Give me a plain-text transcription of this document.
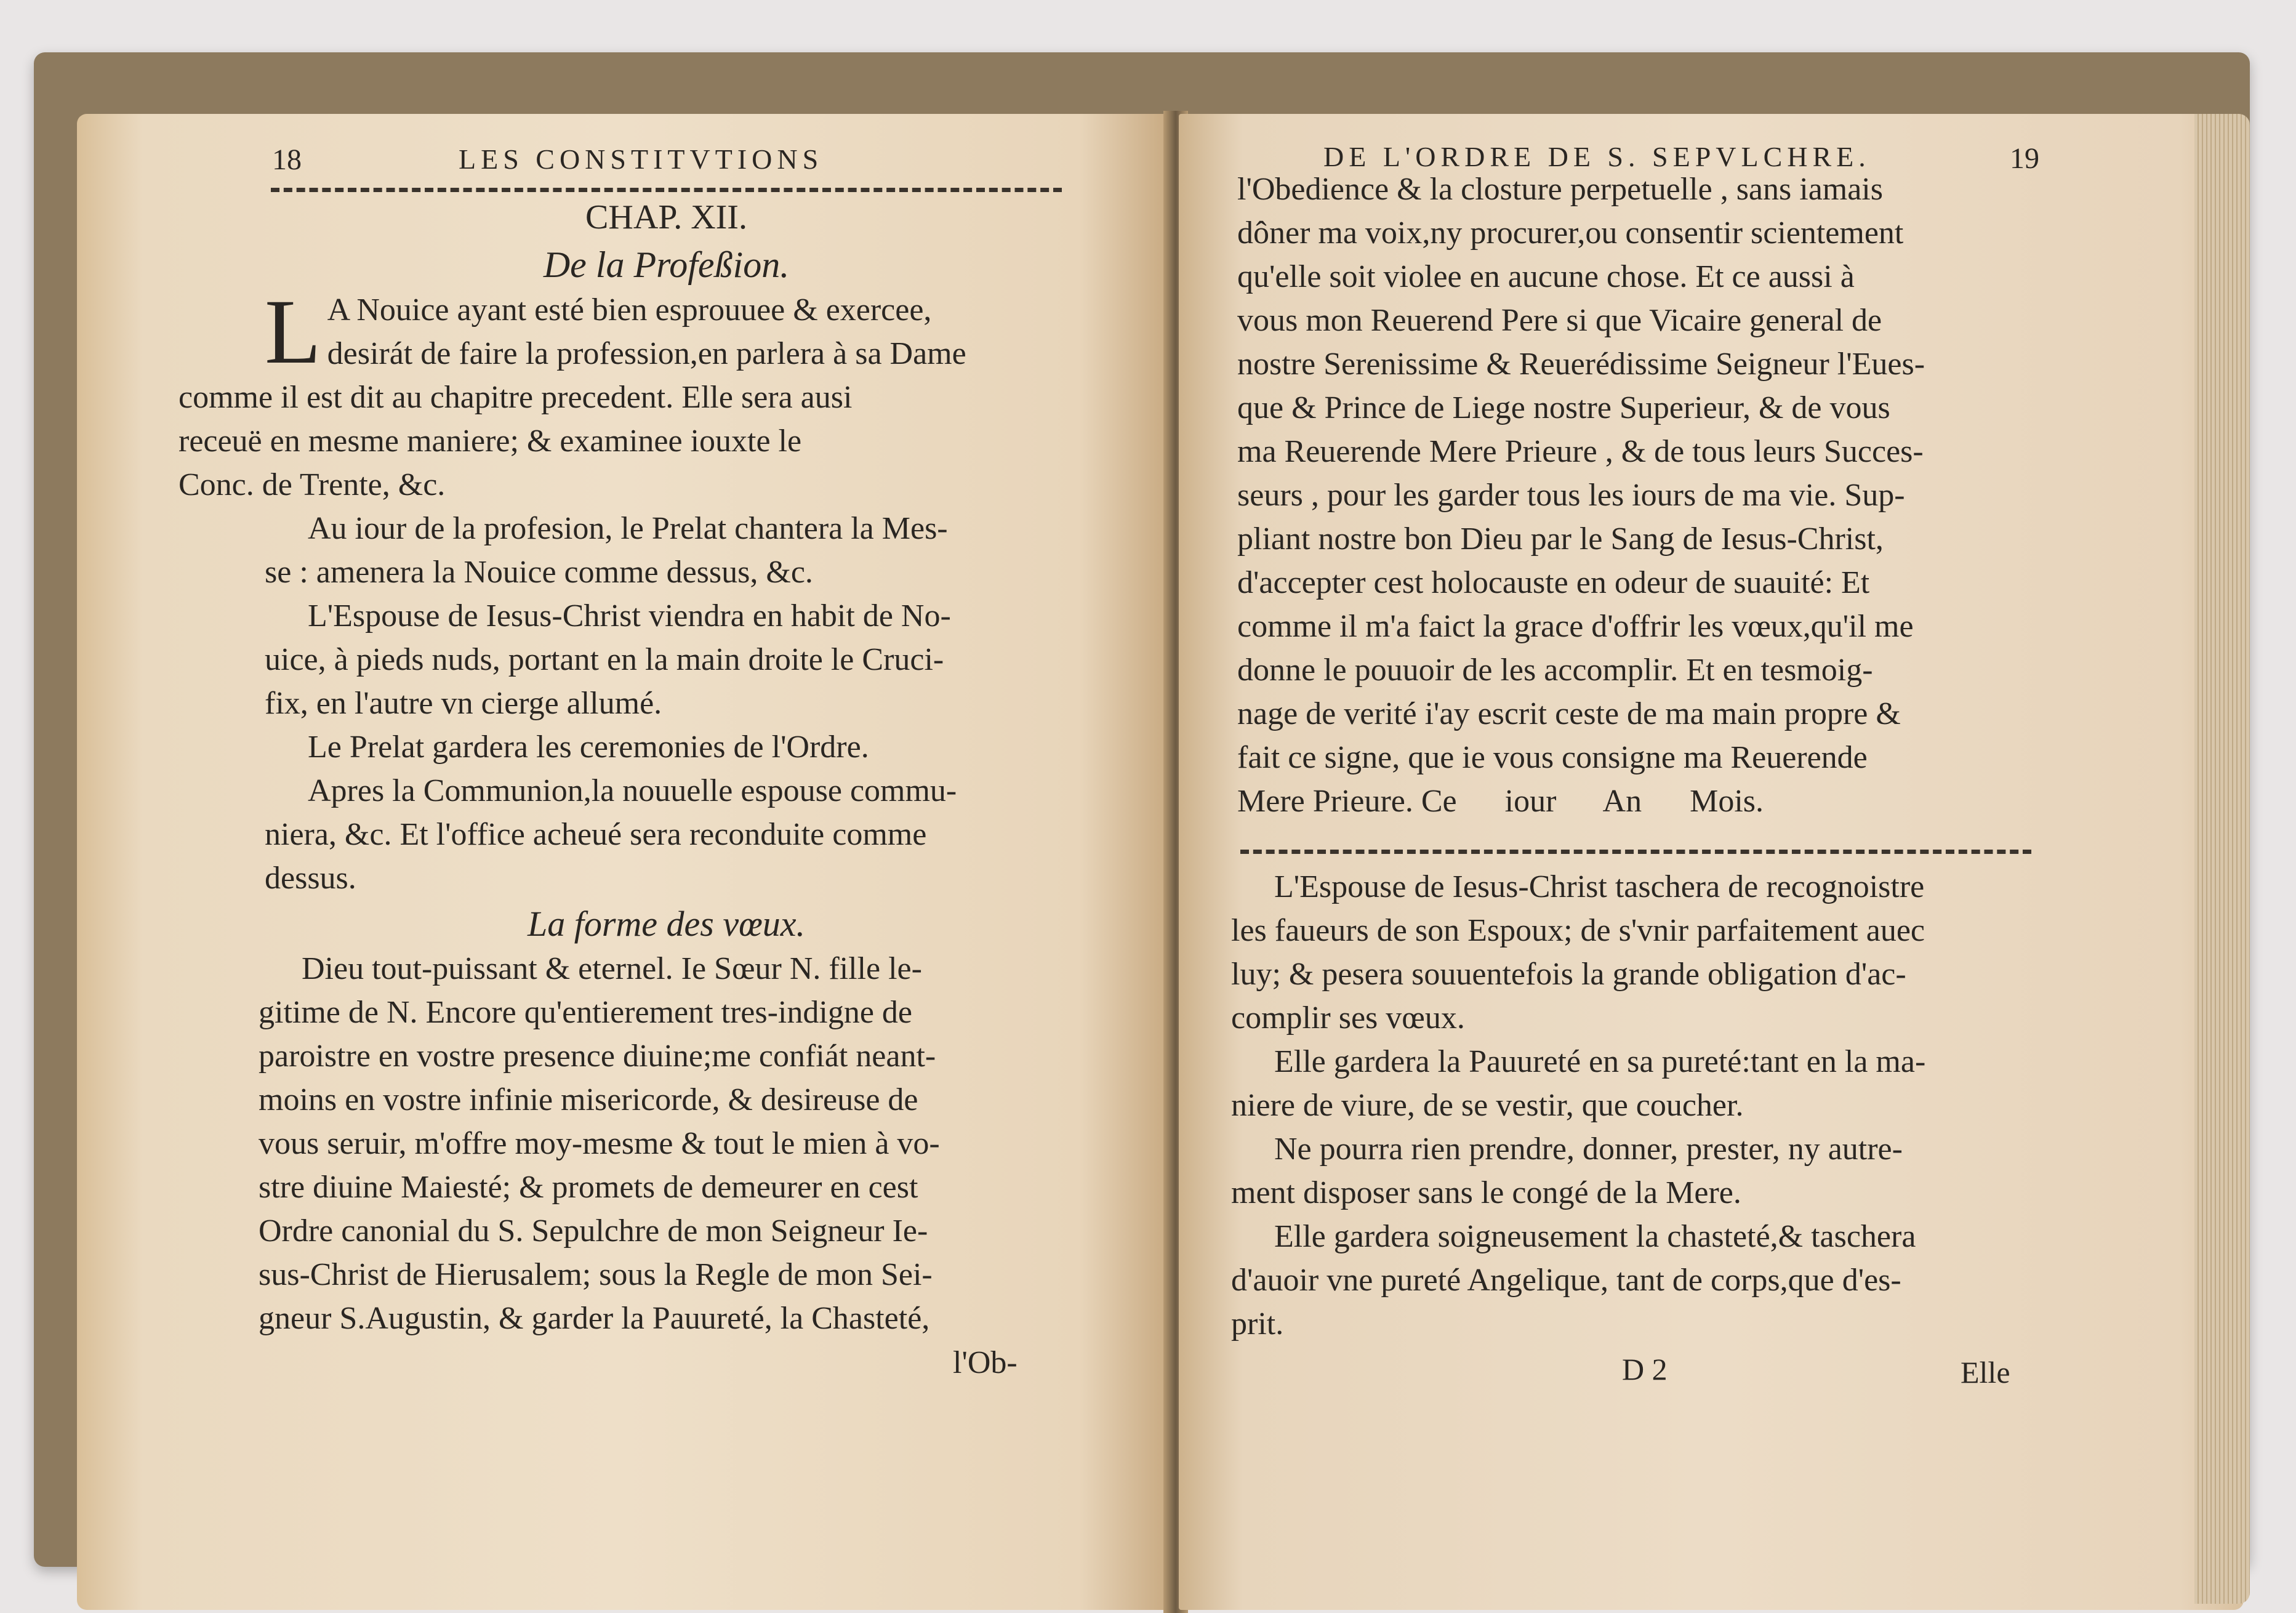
18	LES CONSTITVTIONS
CHAP. XII.
De la Profeßion.
L A Nouice ayant esté bien esprouuee & exercee,
desirát de faire la profession,en parlera à sa Dame
comme il est dit au chapitre precedent. Elle sera ausi
receuë en mesme maniere; & examinee iouxte le
Conc. de Trente, &c.
Au iour de la profesion, le Prelat chantera la Mes-
se : amenera la Nouice comme dessus, &c.
L'Espouse de Iesus-Christ viendra en habit de No-
uice, à pieds nuds, portant en la main droite le Cruci-
fix, en l'autre vn cierge allumé.
Le Prelat gardera les ceremonies de l'Ordre.
Apres la Communion,la nouuelle espouse commu-
niera, &c. Et l'office acheué sera reconduite comme
dessus.
La forme des vœux.
Dieu tout-puissant & eternel. Ie Sœur N. fille le-
gitime de N. Encore qu'entierement tres-indigne de
paroistre en vostre presence diuine;me confiát neant-
moins en vostre infinie misericorde, & desireuse de
vous seruir, m'offre moy-mesme & tout le mien à vo-
stre diuine Maiesté; & promets de demeurer en cest
Ordre canonial du S. Sepulchre de mon Seigneur Ie-
sus-Christ de Hierusalem; sous la Regle de mon Sei-
gneur S.Augustin, & garder la Pauureté, la Chasteté,
l'Ob-
DE L'ORDRE DE S. SEPVLCHRE.	19
l'Obedience & la closture perpetuelle , sans iamais
dôner ma voix,ny procurer,ou consentir scientement
qu'elle soit violee en aucune chose. Et ce aussi à
vous mon Reuerend Pere si que Vicaire general de
nostre Serenissime & Reuerédissime Seigneur l'Eues-
que & Prince de Liege nostre Superieur, & de vous
ma Reuerende Mere Prieure , & de tous leurs Succes-
seurs , pour les garder tous les iours de ma vie. Sup-
pliant nostre bon Dieu par le Sang de Iesus-Christ,
d'accepter cest holocauste en odeur de suauité: Et
comme il m'a faict la grace d'offrir les vœux,qu'il me
donne le pouuoir de les accomplir. Et en tesmoig-
nage de verité i'ay escrit ceste de ma main propre &
fait ce signe, que ie vous consigne ma Reuerende
Mere Prieure. Ce      iour      An      Mois.
L'Espouse de Iesus-Christ taschera de recognoistre
les faueurs de son Espoux; de s'vnir parfaitement auec
luy; & pesera souuentefois la grande obligation d'ac-
complir ses vœux.
Elle gardera la Pauureté en sa pureté:tant en la ma-
niere de viure, de se vestir, que coucher.
Ne pourra rien prendre, donner, prester, ny autre-
ment disposer sans le congé de la Mere.
Elle gardera soigneusement la chasteté,& taschera
d'auoir vne pureté Angelique, tant de corps,que d'es-
prit.
D 2	Elle
